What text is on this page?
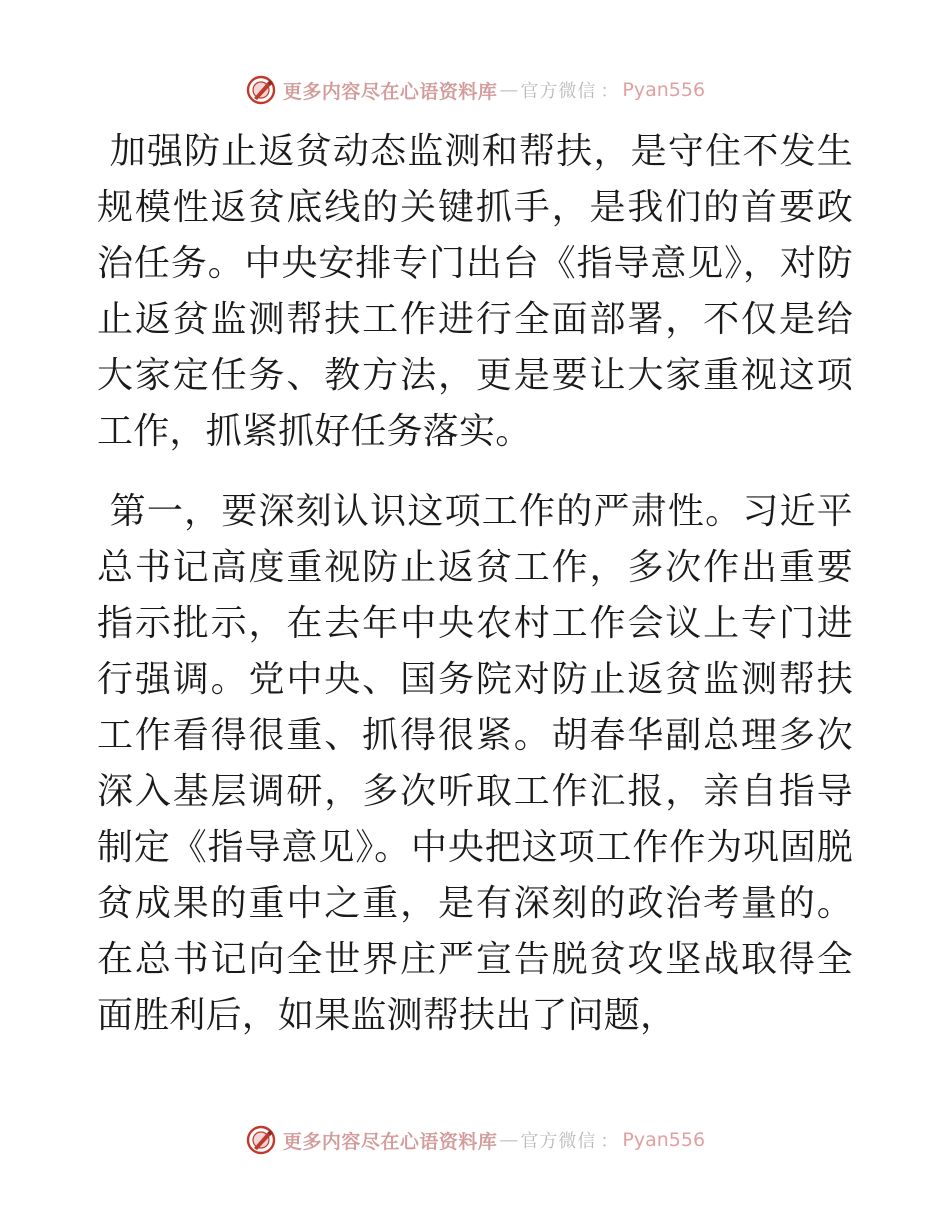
更多内容尽在心语资料库 — 官方微信 ： Pyan556

加强防止返贫动态监测和帮扶，是守住不发生规模性返贫底线的关键抓手，是我们的首要政治任务。中央安排专门出台《指导意见》，对防止返贫监测帮扶工作进行全面部署，不仅是给大家定任务、教方法，更是要让大家重视这项工作，抓紧抓好任务落实。

第一，要深刻认识这项工作的严肃性。习近平总书记高度重视防止返贫工作，多次作出重要指示批示，在去年中央农村工作会议上专门进行强调。党中央、国务院对防止返贫监测帮扶工作看得很重、抓得很紧。胡春华副总理多次深入基层调研，多次听取工作汇报，亲自指导制定《指导意见》。中央把这项工作作为巩固脱贫成果的重中之重，是有深刻的政治考量的。在总书记向全世界庄严宣告脱贫攻坚战取得全面胜利后，如果监测帮扶出了问题，

更多内容尽在心语资料库 — 官方微信 ： Pyan556
